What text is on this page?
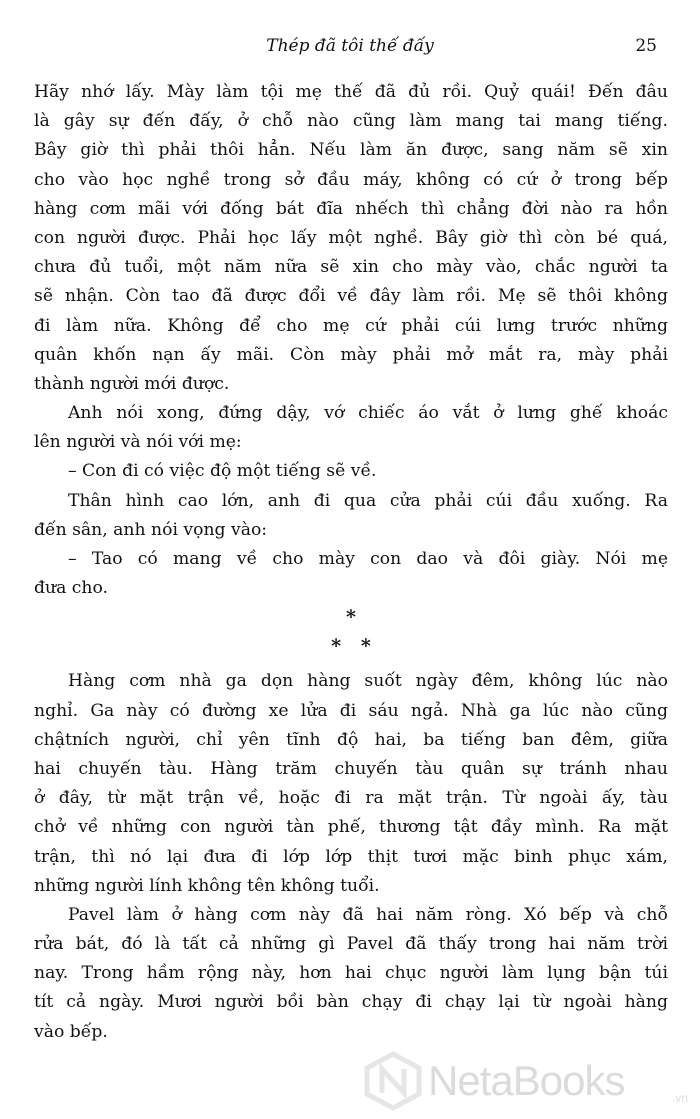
Thép đã tôi thế đấy	25
Hãy nhớ lấy. Mày làm tội mẹ thế đã đủ rồi. Quỷ quái! Đến đâu
là gây sự đến đấy, ở chỗ nào cũng làm mang tai mang tiếng.
Bây giờ thì phải thôi hẳn. Nếu làm ăn được, sang năm sẽ xin
cho vào học nghề trong sở đầu máy, không có cứ ở trong bếp
hàng cơm mãi với đống bát đĩa nhếch thì chẳng đời nào ra hồn
con người được. Phải học lấy một nghề. Bây giờ thì còn bé quá,
chưa đủ tuổi, một năm nữa sẽ xin cho mày vào, chắc người ta
sẽ nhận. Còn tao đã được đổi về đây làm rồi. Mẹ sẽ thôi không
đi làm nữa. Không để cho mẹ cứ phải cúi lưng trước những
quân khốn nạn ấy mãi. Còn mày phải mở mắt ra, mày phải
thành người mới được.
Anh nói xong, đứng dậy, vớ chiếc áo vắt ở lưng ghế khoác
lên người và nói với mẹ:
– Con đi có việc độ một tiếng sẽ về.
Thân hình cao lớn, anh đi qua cửa phải cúi đầu xuống. Ra
đến sân, anh nói vọng vào:
– Tao có mang về cho mày con dao và đôi giày. Nói mẹ
đưa cho.
*
*   *
Hàng cơm nhà ga dọn hàng suốt ngày đêm, không lúc nào
nghỉ. Ga này có đường xe lửa đi sáu ngả. Nhà ga lúc nào cũng
chậtních người, chỉ yên tĩnh độ hai, ba tiếng ban đêm, giữa
hai chuyến tàu. Hàng trăm chuyến tàu quân sự tránh nhau
ở đây, từ mặt trận về, hoặc đi ra mặt trận. Từ ngoài ấy, tàu
chở về những con người tàn phế, thương tật đầy mình. Ra mặt
trận, thì nó lại đưa đi lớp lớp thịt tươi mặc binh phục xám,
những người lính không tên không tuổi.
Pavel làm ở hàng cơm này đã hai năm ròng. Xó bếp và chỗ
rửa bát, đó là tất cả những gì Pavel đã thấy trong hai năm trời
nay. Trong hầm rộng này, hơn hai chục người làm lụng bận túi
tít cả ngày. Mươi người bồi bàn chạy đi chạy lại từ ngoài hàng
vào bếp.
NetaBooks	.vn
